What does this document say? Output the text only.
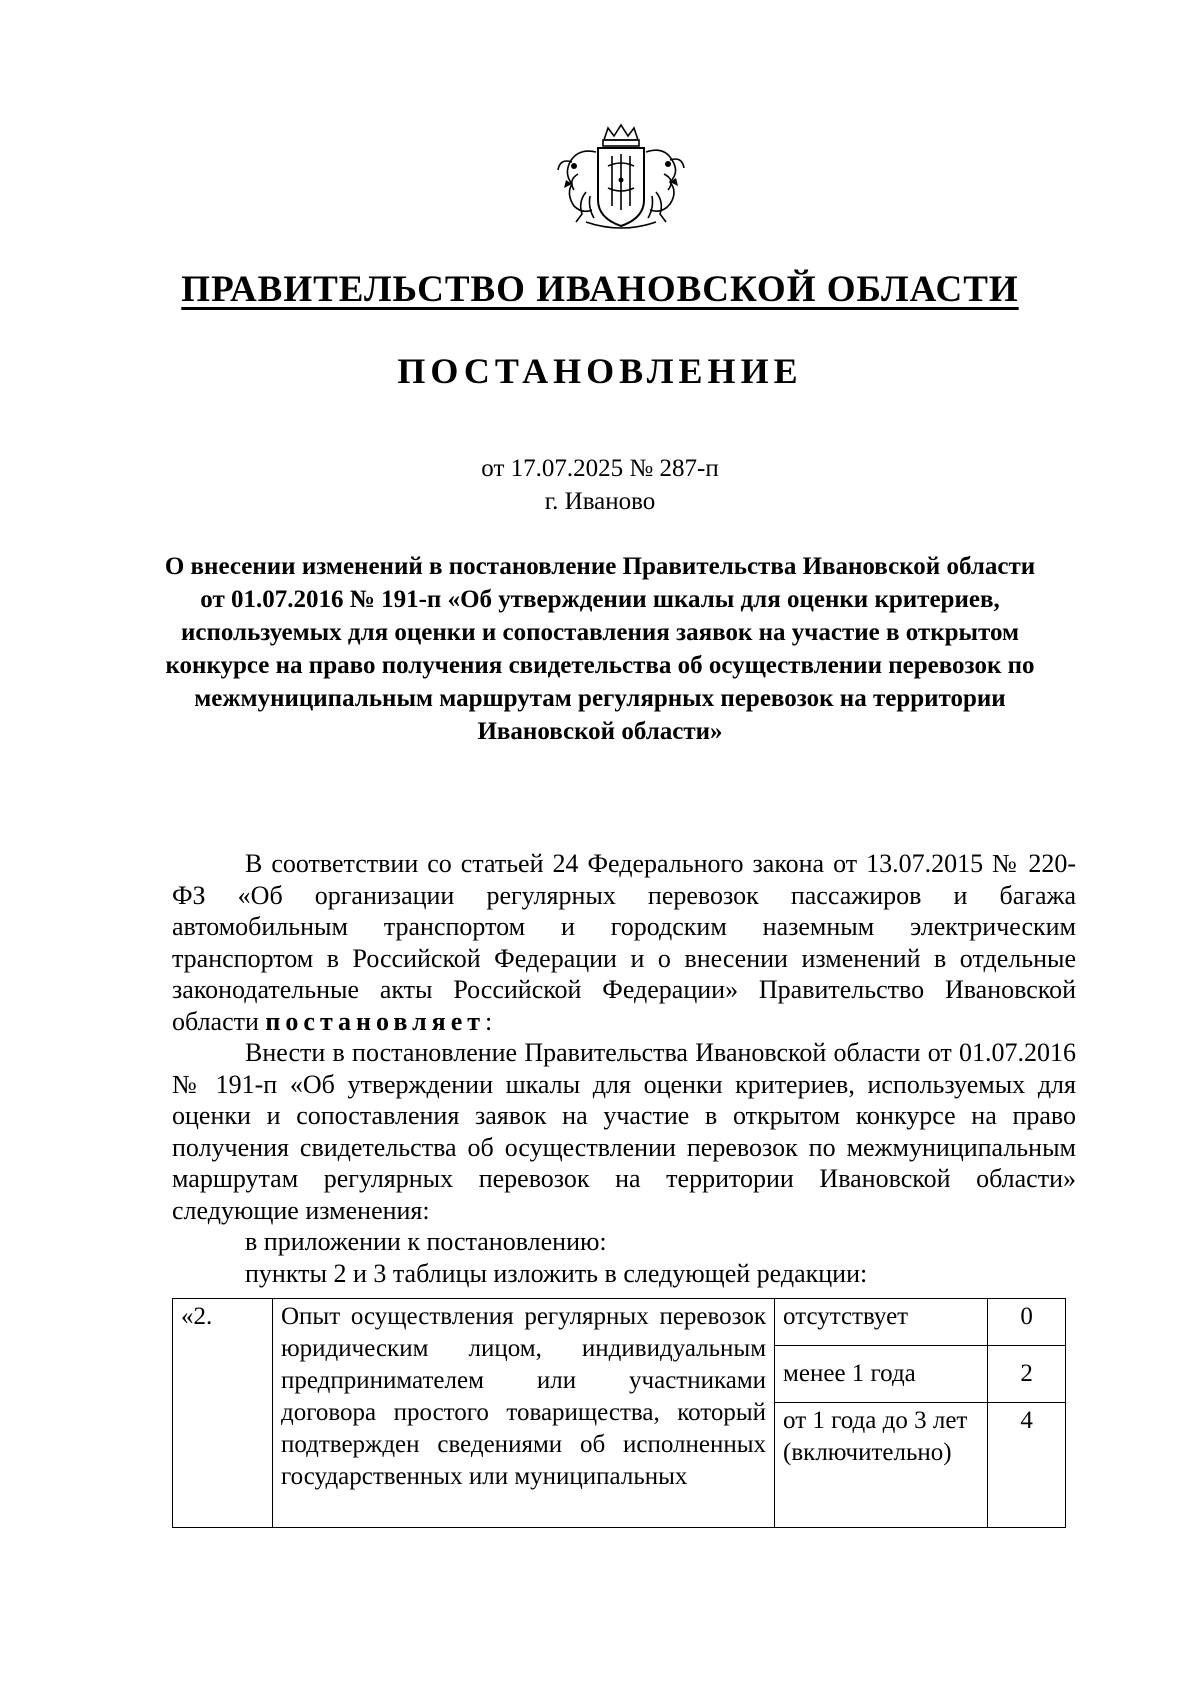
ПРАВИТЕЛЬСТВО ИВАНОВСКОЙ ОБЛАСТИ
ПОСТАНОВЛЕНИЕ
от 17.07.2025 № 287-п
г. Иваново
О внесении изменений в постановление Правительства Ивановской области от 01.07.2016 № 191-п «Об утверждении шкалы для оценки критериев, используемых для оценки и сопоставления заявок на участие в открытом конкурсе на право получения свидетельства об осуществлении перевозок по межмуниципальным маршрутам регулярных перевозок на территории Ивановской области»

В соответствии со статьей 24 Федерального закона от 13.07.2015 № 220-ФЗ «Об организации регулярных перевозок пассажиров и багажа автомобильным транспортом и городским наземным электрическим транспортом в Российской Федерации и о внесении изменений в отдельные законодательные акты Российской Федерации» Правительство Ивановской области постановляет:

Внести в постановление Правительства Ивановской области от 01.07.2016 № 191-п «Об утверждении шкалы для оценки критериев, используемых для оценки и сопоставления заявок на участие в открытом конкурсе на право получения свидетельства об осуществлении перевозок по межмуниципальным маршрутам регулярных перевозок на территории Ивановской области» следующие изменения:

в приложении к постановлению:

пункты 2 и 3 таблицы изложить в следующей редакции:

«2.	Опыт осуществления регулярных перевозок юридическим лицом, индивидуальным предпринимателем или участниками договора простого товарищества, который подтвержден сведениями об исполненных государственных или муниципальных	отсутствует	0
		менее 1 года	2
		от 1 года до 3 лет (включительно)	4
